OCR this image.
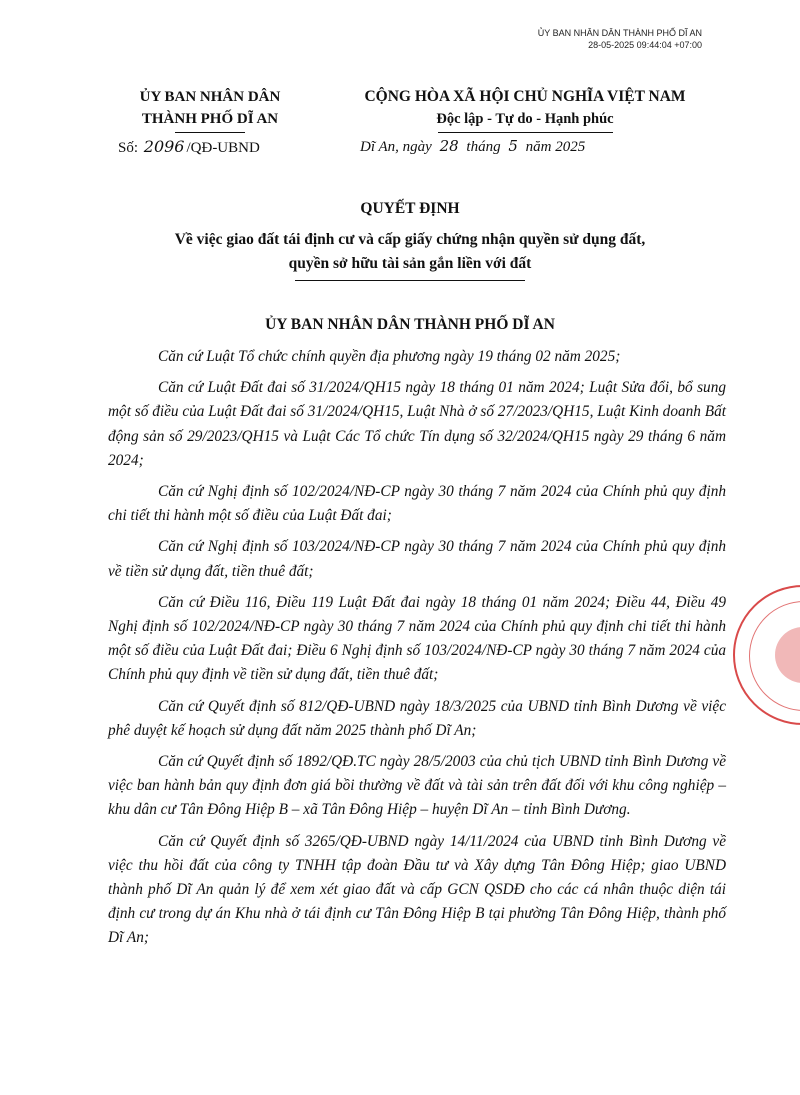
ỦY BAN NHÂN DÂN THÀNH PHỐ DĨ AN
28-05-2025 09:44:04 +07:00
ỦY BAN NHÂN DÂN
THÀNH PHỐ DĨ AN
CỘNG HÒA XÃ HỘI CHỦ NGHĨA VIỆT NAM
Độc lập - Tự do - Hạnh phúc
Số: 2096 /QĐ-UBND	Dĩ An, ngày 28 tháng 5 năm 2025
QUYẾT ĐỊNH
Về việc giao đất tái định cư và cấp giấy chứng nhận quyền sử dụng đất,
quyền sở hữu tài sản gắn liền với đất
ỦY BAN NHÂN DÂN THÀNH PHỐ DĨ AN

Căn cứ Luật Tổ chức chính quyền địa phương ngày 19 tháng 02 năm 2025;

Căn cứ Luật Đất đai số 31/2024/QH15 ngày 18 tháng 01 năm 2024; Luật Sửa đổi, bổ sung một số điều của Luật Đất đai số 31/2024/QH15, Luật Nhà ở số 27/2023/QH15, Luật Kinh doanh Bất động sản số 29/2023/QH15 và Luật Các Tổ chức Tín dụng số 32/2024/QH15 ngày 29 tháng 6 năm 2024;

Căn cứ Nghị định số 102/2024/NĐ-CP ngày 30 tháng 7 năm 2024 của Chính phủ quy định chi tiết thi hành một số điều của Luật Đất đai;

Căn cứ Nghị định số 103/2024/NĐ-CP ngày 30 tháng 7 năm 2024 của Chính phủ quy định về tiền sử dụng đất, tiền thuê đất;

Căn cứ Điều 116, Điều 119 Luật Đất đai ngày 18 tháng 01 năm 2024; Điều 44, Điều 49 Nghị định số 102/2024/NĐ-CP ngày 30 tháng 7 năm 2024 của Chính phủ quy định chi tiết thi hành một số điều của Luật Đất đai; Điều 6 Nghị định số 103/2024/NĐ-CP ngày 30 tháng 7 năm 2024 của Chính phủ quy định về tiền sử dụng đất, tiền thuê đất;

Căn cứ Quyết định số 812/QĐ-UBND ngày 18/3/2025 của UBND tỉnh Bình Dương về việc phê duyệt kế hoạch sử dụng đất năm 2025 thành phố Dĩ An;

Căn cứ Quyết định số 1892/QĐ.TC ngày 28/5/2003 của chủ tịch UBND tỉnh Bình Dương về việc ban hành bản quy định đơn giá bồi thường về đất và tài sản trên đất đối với khu công nghiệp – khu dân cư Tân Đông Hiệp B – xã Tân Đông Hiệp – huyện Dĩ An – tỉnh Bình Dương.

Căn cứ Quyết định số 3265/QĐ-UBND ngày 14/11/2024 của UBND tỉnh Bình Dương về việc thu hồi đất của công ty TNHH tập đoàn Đầu tư và Xây dựng Tân Đông Hiệp; giao UBND thành phố Dĩ An quản lý để xem xét giao đất và cấp GCN QSDĐ cho các cá nhân thuộc diện tái định cư trong dự án Khu nhà ở tái định cư Tân Đông Hiệp B tại phường Tân Đông Hiệp, thành phố Dĩ An;
